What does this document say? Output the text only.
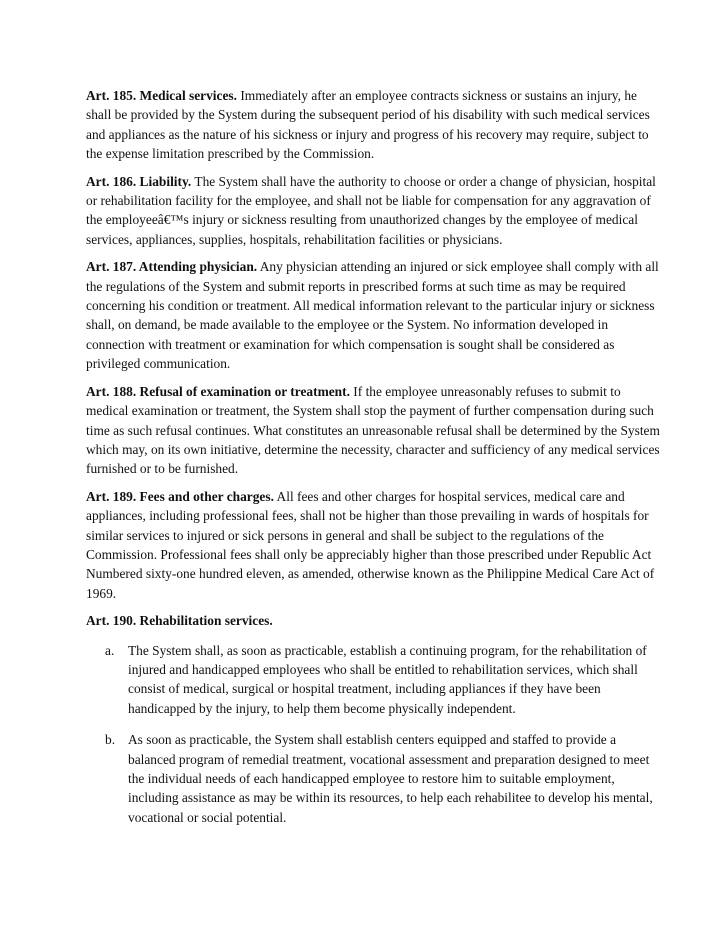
Art. 185. Medical services. Immediately after an employee contracts sickness or sustains an injury, he shall be provided by the System during the subsequent period of his disability with such medical services and appliances as the nature of his sickness or injury and progress of his recovery may require, subject to the expense limitation prescribed by the Commission.

Art. 186. Liability. The System shall have the authority to choose or order a change of physician, hospital or rehabilitation facility for the employee, and shall not be liable for compensation for any aggravation of the employeeâ€™s injury or sickness resulting from unauthorized changes by the employee of medical services, appliances, supplies, hospitals, rehabilitation facilities or physicians.

Art. 187. Attending physician. Any physician attending an injured or sick employee shall comply with all the regulations of the System and submit reports in prescribed forms at such time as may be required concerning his condition or treatment. All medical information relevant to the particular injury or sickness shall, on demand, be made available to the employee or the System. No information developed in connection with treatment or examination for which compensation is sought shall be considered as privileged communication.

Art. 188. Refusal of examination or treatment. If the employee unreasonably refuses to submit to medical examination or treatment, the System shall stop the payment of further compensation during such time as such refusal continues. What constitutes an unreasonable refusal shall be determined by the System which may, on its own initiative, determine the necessity, character and sufficiency of any medical services furnished or to be furnished.

Art. 189. Fees and other charges. All fees and other charges for hospital services, medical care and appliances, including professional fees, shall not be higher than those prevailing in wards of hospitals for similar services to injured or sick persons in general and shall be subject to the regulations of the Commission. Professional fees shall only be appreciably higher than those prescribed under Republic Act Numbered sixty-one hundred eleven, as amended, otherwise known as the Philippine Medical Care Act of 1969.

Art. 190. Rehabilitation services.

a. The System shall, as soon as practicable, establish a continuing program, for the rehabilitation of injured and handicapped employees who shall be entitled to rehabilitation services, which shall consist of medical, surgical or hospital treatment, including appliances if they have been handicapped by the injury, to help them become physically independent.
b. As soon as practicable, the System shall establish centers equipped and staffed to provide a balanced program of remedial treatment, vocational assessment and preparation designed to meet the individual needs of each handicapped employee to restore him to suitable employment, including assistance as may be within its resources, to help each rehabilitee to develop his mental, vocational or social potential.
